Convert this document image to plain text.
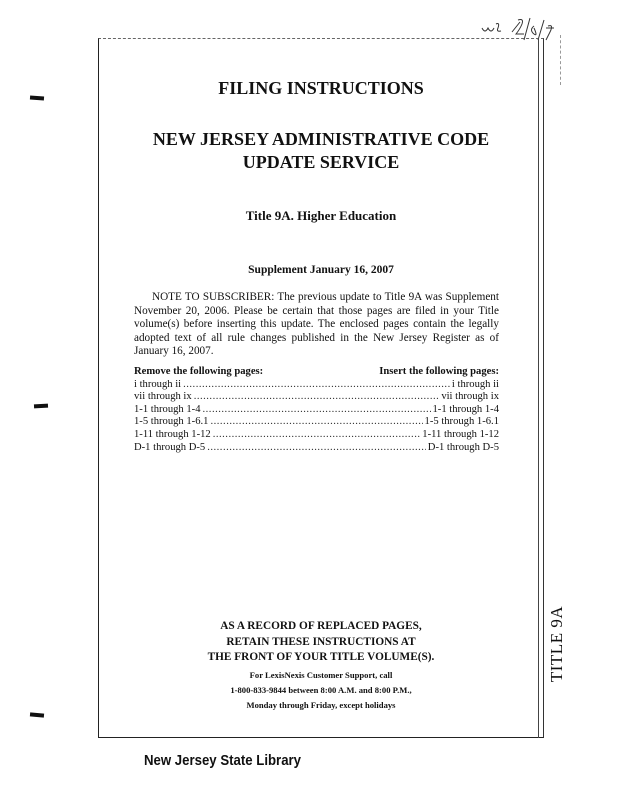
FILING INSTRUCTIONS
NEW JERSEY ADMINISTRATIVE CODE
UPDATE SERVICE
Title 9A. Higher Education
Supplement January 16, 2007
NOTE TO SUBSCRIBER: The previous update to Title 9A was Supplement November 20, 2006. Please be certain that those pages are filed in your Title volume(s) before inserting this update. The enclosed pages contain the legally adopted text of all rule changes published in the New Jersey Register as of January 16, 2007.
Remove the following pages:	Insert the following pages:
i through ii .....	i through ii
vii through ix .....	vii through ix
1-1 through 1-4 .....	1-1 through 1-4
1-5 through 1-6.1 .....	1-5 through 1-6.1
1-11 through 1-12 .....	1-11 through 1-12
D-1 through D-5 .....	D-1 through D-5
AS A RECORD OF REPLACED PAGES,
RETAIN THESE INSTRUCTIONS AT
THE FRONT OF YOUR TITLE VOLUME(S).
For LexisNexis Customer Support, call
1-800-833-9844 between 8:00 A.M. and 8:00 P.M.,
Monday through Friday, except holidays
TITLE 9A
New Jersey State Library
